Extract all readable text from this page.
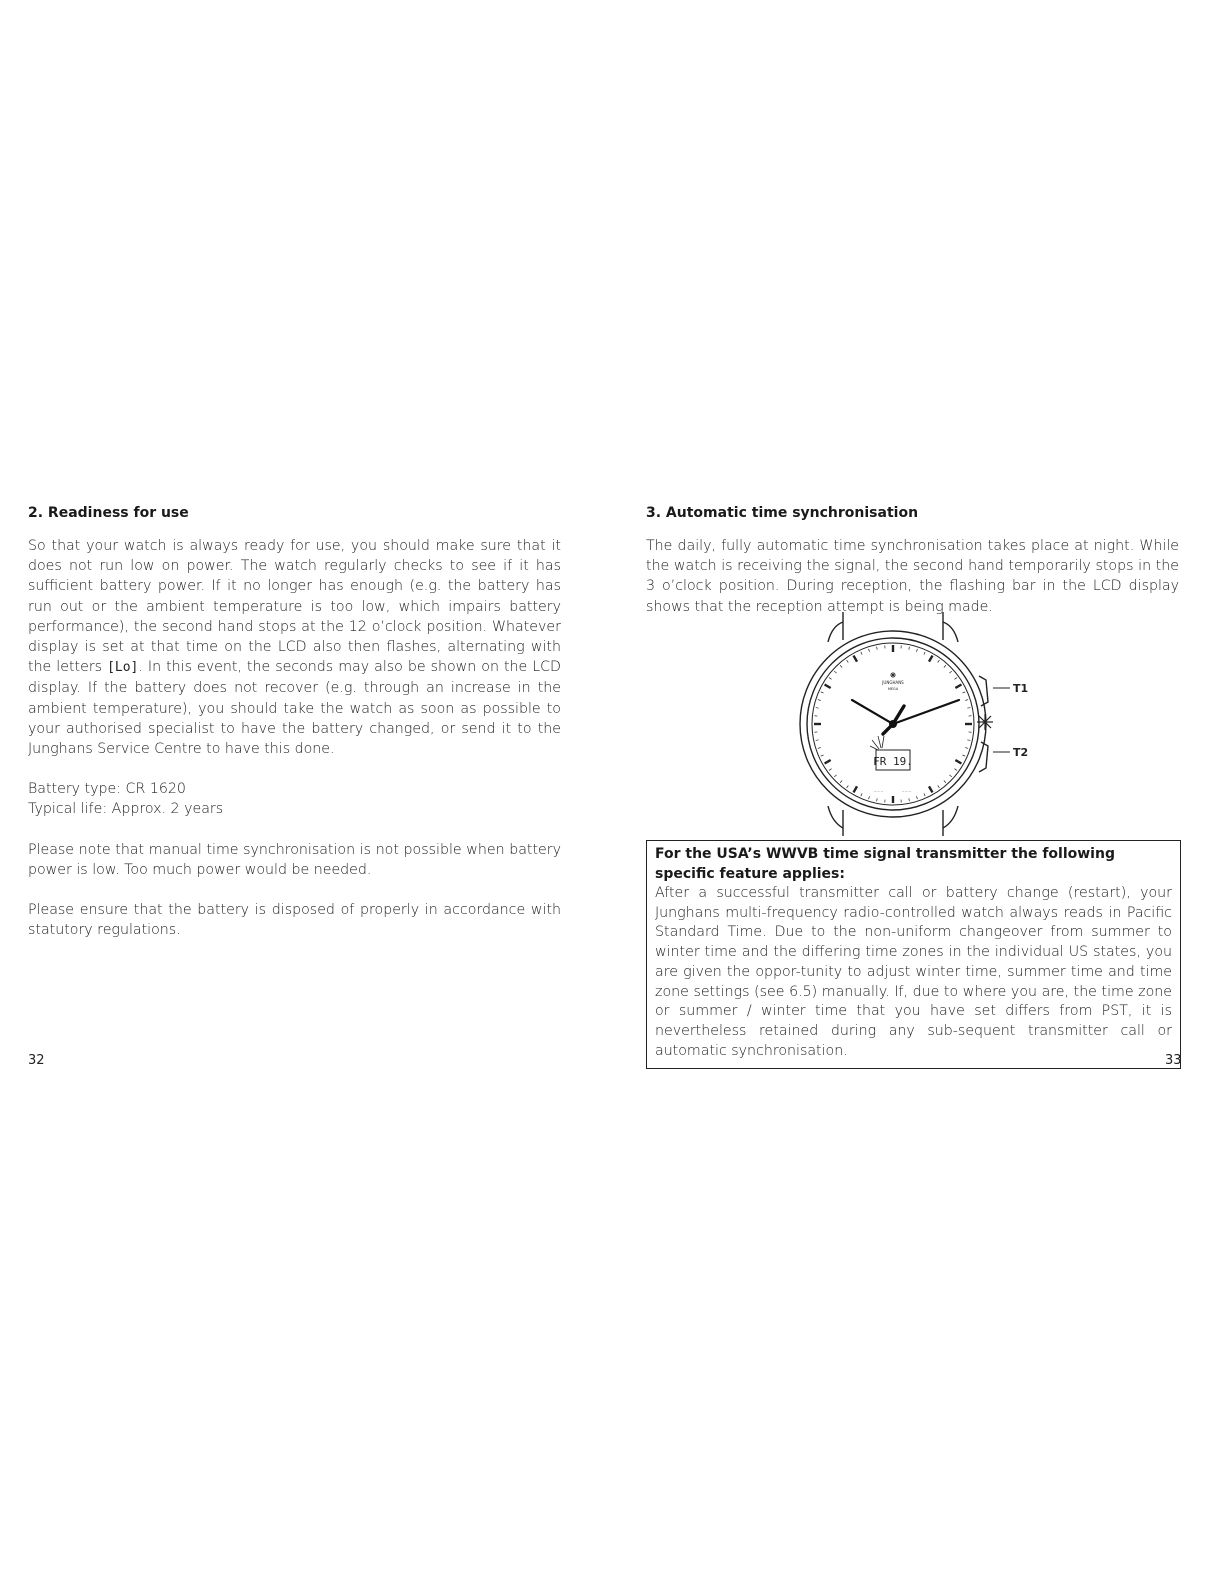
2. Readiness for use

So that your watch is always ready for use, you should make sure that it does not run low on power. The watch regularly checks to see if it has sufficient battery power. If it no longer has enough (e.g. the battery has run out or the ambient temperature is too low, which impairs battery performance), the second hand stops at the 12 o’clock position. Whatever display is set at that time on the LCD also then flashes, alternating with the letters [Lo]. In this event, the seconds may also be shown on the LCD display. If the battery does not recover (e.g. through an increase in the ambient temperature), you should take the watch as soon as possible to your authorised specialist to have the battery changed, or send it to the Junghans Service Centre to have this done.

Battery type: CR 1620

Typical life: Approx. 2 years

Please note that manual time synchronisation is not possible when battery power is low. Too much power would be needed.

Please ensure that the battery is disposed of properly in accordance with statutory regulations.

32
3. Automatic time synchronisation

The daily, fully automatic time synchronisation takes place at night. While the watch is receiving the signal, the second hand temporarily stops in the 3 o’clock position. During reception, the flashing bar in the LCD display shows that the reception attempt is being made.

JUNGHANS
MEGA
FR 19.
— — —	— — —
T1
T2
For the USA’s WWVB time signal transmitter the following specific feature applies:

After a successful transmitter call or battery change (restart), your Junghans multi-frequency radio-controlled watch always reads in Pacific Standard Time. Due to the non-uniform changeover from summer to winter time and the differing time zones in the individual US states, you are given the oppor-tunity to adjust winter time, summer time and time zone settings (see 6.5) manually. If, due to where you are, the time zone or summer / winter time that you have set differs from PST, it is nevertheless retained during any sub-sequent transmitter call or automatic synchronisation.

33
